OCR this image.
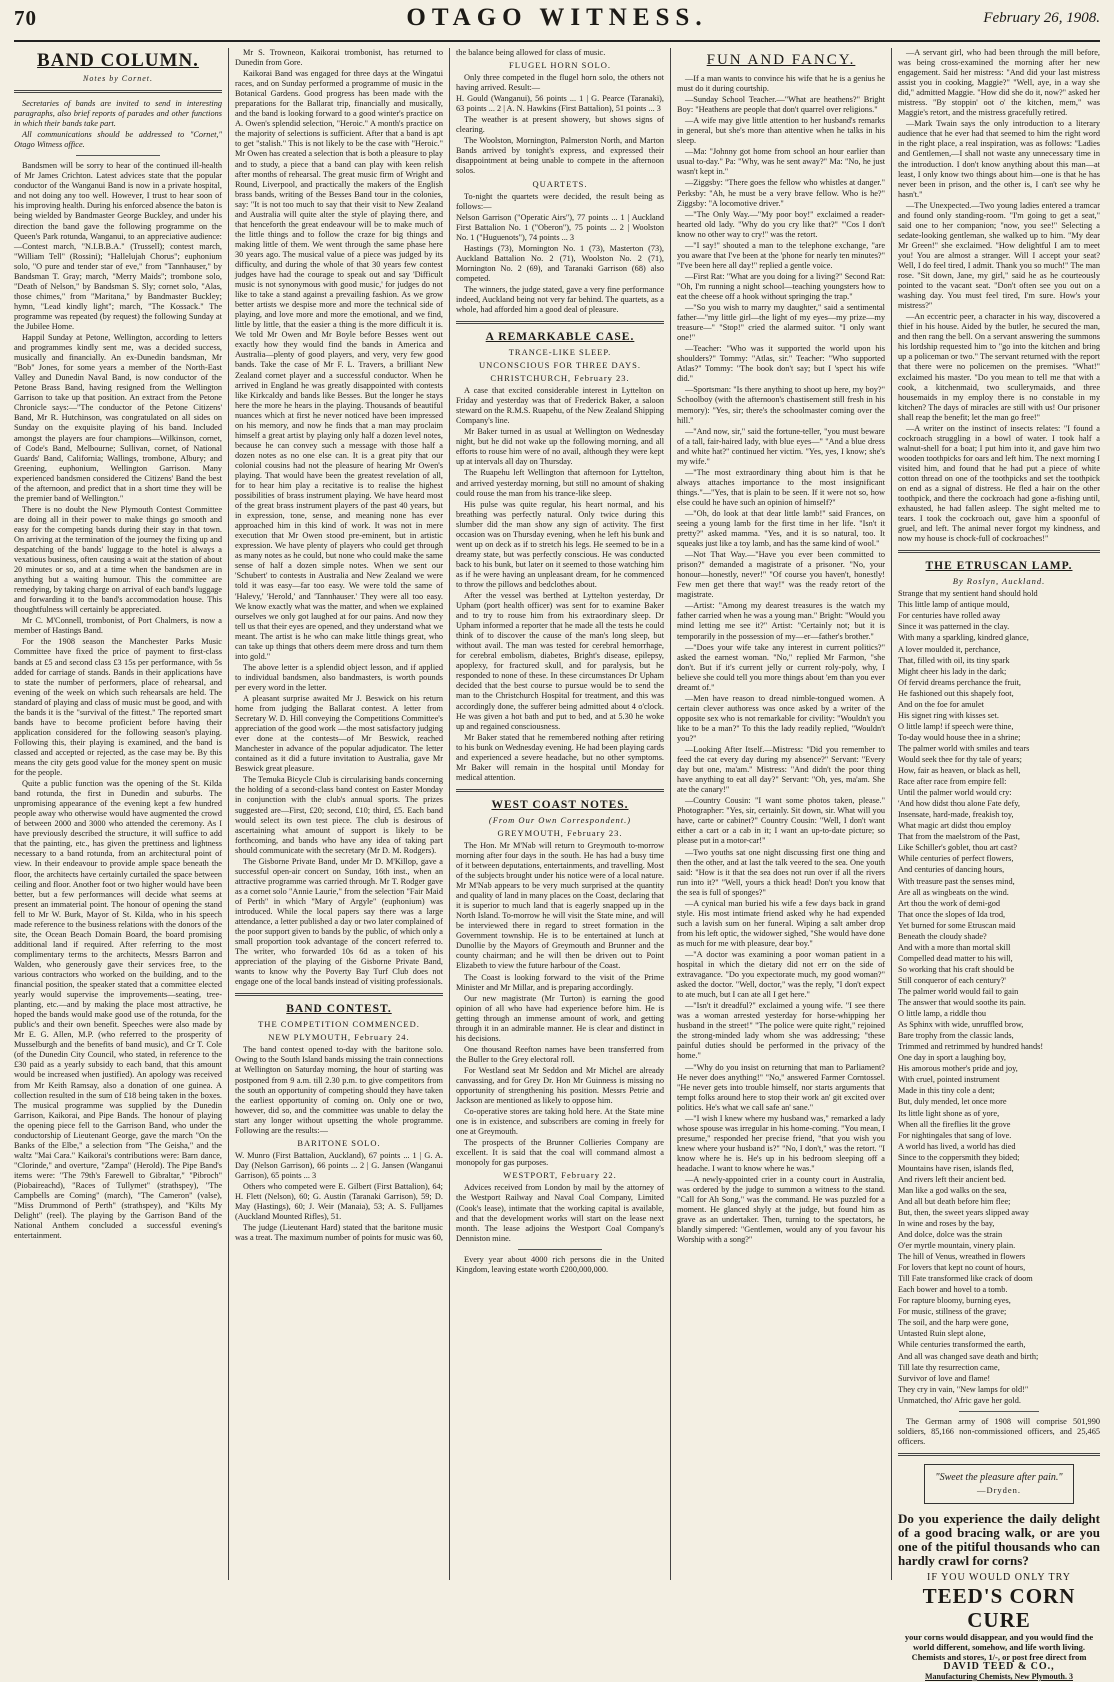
70	OTAGO WITNESS.	February 26, 1908.
BAND COLUMN.
Notes by Cornet.

Secretaries of bands are invited to send in interesting paragraphs, also brief reports of parades and other functions in which their bands take part.

All communications should be addressed to "Cornet," Otago Witness office.

Bandsmen will be sorry to hear of the continued ill-health of Mr James Crichton. Latest advices state that the popular conductor of the Wanganui Band is now in a private hospital, and not doing any too well. However, I trust to hear soon of his improving health. During his enforced absence the baton is being wielded by Bandmaster George Buckley, and under his direction the band gave the following programme on the Queen's Park rotunda, Wanganui, to an appreciative audience:—Contest march, "N.I.B.B.A." (Trussell); contest march, "William Tell" (Rossini); "Hallelujah Chorus"; euphonium solo, "O pure and tender star of eve," from "Tannhauser," by Bandsman T. Gray; march, "Merry Maids"; trombone solo, "Death of Nelson," by Bandsman S. Sly; cornet solo, "Alas, those chimes," from "Maritana," by Bandmaster Buckley; hymn, "Lead kindly light"; march, "The Kossack." The programme was repeated (by request) the following Sunday at the Jubilee Home.

Happil Sunday at Petone, Wellington, according to letters and programmes kindly sent me, was a decided success, musically and financially. An ex-Dunedin bandsman, Mr "Bob" Jones, for some years a member of the North-East Valley and Dunedin Naval Band, is now conductor of the Petone Brass Band, having resigned from the Wellington Garrison to take up that position. An extract from the Petone Chronicle says:—"The conductor of the Petone Citizens' Band, Mr R. Hutchinson, was congratulated on all sides on Sunday on the exquisite playing of his band. Included amongst the players are four champions—Wilkinson, cornet, of Code's Band, Melbourne; Sullivan, cornet, of National Guards' Band, California; Wallings, trombone, Albury; and Greening, euphonium, Wellington Garrison. Many experienced bandsmen considered the Citizens' Band the best of the afternoon, and predict that in a short time they will be the premier band of Wellington."

There is no doubt the New Plymouth Contest Committee are doing all in their power to make things go smooth and easy for the competing bands during their stay in that town. On arriving at the termination of the journey the fixing up and despatching of the bands' luggage to the hotel is always a vexatious business, often causing a wait at the station of about 20 minutes or so, and at a time when the bandsmen are in anything but a waiting humour. This the committee are remedying, by taking charge on arrival of each band's luggage and forwarding it to the band's accommodation house. This thoughtfulness will certainly be appreciated.

Mr C. M'Connell, trombonist, of Port Chalmers, is now a member of Hastings Band.

For the 1908 season the Manchester Parks Music Committee have fixed the price of payment to first-class bands at £5 and second class £3 15s per performance, with 5s added for carriage of stands. Bands in their applications have to state the number of performers, place of rehearsal, and evening of the week on which such rehearsals are held. The standard of playing and class of music must be good, and with the bands it is the "survival of the fittest." The reported smart bands have to become proficient before having their application considered for the following season's playing. Following this, their playing is examined, and the band is classed and accepted or rejected, as the case may be. By this means the city gets good value for the money spent on music for the people.

Quite a public function was the opening of the St. Kilda band rotunda, the first in Dunedin and suburbs. The unpromising appearance of the evening kept a few hundred people away who otherwise would have augmented the crowd of between 2000 and 3000 who attended the ceremony. As I have previously described the structure, it will suffice to add that the painting, etc., has given the prettiness and lightness necessary to a band rotunda, from an architectural point of view. In their endeavour to provide ample space beneath the floor, the architects have certainly curtailed the space between ceiling and floor. Another foot or two higher would have been better, but a few performances will decide what seems at present an immaterial point. The honour of opening the stand fell to Mr W. Burk, Mayor of St. Kilda, who in his speech made reference to the business relations with the donors of the site, the Ocean Beach Domain Board, the board promising additional land if required. After referring to the most complimentary terms to the architects, Messrs Barron and Walden, who generously gave their services free, to the various contractors who worked on the building, and to the financial position, the speaker stated that a committee elected yearly would supervise the improvements—seating, tree-planting, etc.—and by making the place most attractive, he hoped the bands would make good use of the rotunda, for the public's and their own benefit. Speeches were also made by Mr E. G. Allen, M.P. (who referred to the prosperity of Musselburgh and the benefits of band music), and Cr T. Cole (of the Dunedin City Council, who stated, in reference to the £30 paid as a yearly subsidy to each band, that this amount would be increased when justified). An apology was received from Mr Keith Ramsay, also a donation of one guinea. A collection resulted in the sum of £18 being taken in the boxes. The musical programme was supplied by the Dunedin Garrison, Kaikorai, and Pipe Bands. The honour of playing the opening piece fell to the Garrison Band, who under the conductorship of Lieutenant George, gave the march "On the Banks of the Elbe," a selection from "The Geisha," and the waltz "Mai Cara." Kaikorai's contributions were: Barn dance, "Clorinde," and overture, "Zampa" (Herold). The Pipe Band's items were: "The 79th's Farewell to Gibraltar," "Pibroch" (Piobaireachd), "Races of Tullymet" (strathspey), "The Campbells are Coming" (march), "The Cameron" (valse), "Miss Drummond of Perth" (strathspey), and "Kilts My Delight" (reel). The playing by the Garrison Band of the National Anthem concluded a successful evening's entertainment.

Mr S. Trowneon, Kaikorai trombonist, has returned to Dunedin from Gore.

Kaikorai Band was engaged for three days at the Wingatui races, and on Sunday performed a programme of music in the Botanical Gardens. Good progress has been made with the preparations for the Ballarat trip, financially and musically, and the band is looking forward to a good winter's practice on A. Owen's splendid selection, "Heroic." A month's practice on the majority of selections is sufficient. After that a band is apt to get "stalish." This is not likely to be the case with "Heroic." Mr Owen has created a selection that is both a pleasure to play and to study, a piece that a band can play with keen relish after months of rehearsal. The great music firm of Wright and Round, Liverpool, and practically the makers of the English brass bands, writing of the Besses Band tour in the colonies, say: "It is not too much to say that their visit to New Zealand and Australia will quite alter the style of playing there, and that henceforth the great endeavour will be to make much of the little things and to follow the craze for big things and making little of them. We went through the same phase here 30 years ago. The musical value of a piece was judged by its difficulty, and during the whole of that 30 years few contest judges have had the courage to speak out and say 'Difficult music is not synonymous with good music,' for judges do not like to take a stand against a prevailing fashion. As we grow better artists we despise more and more the technical side of playing, and love more and more the emotional, and we find, little by little, that the easier a thing is the more difficult it is. We told Mr Owen and Mr Boyle before Besses went out exactly how they would find the bands in America and Australia—plenty of good players, and very, very few good bands. Take the case of Mr F. L. Travers, a brilliant New Zealand cornet player and a successful conductor. When he arrived in England he was greatly disappointed with contests like Kirkcaldy and bands like Besses. But the longer he stays here the more he hears in the playing. Thousands of beautiful nuances which at first he never noticed have been impressed on his memory, and now he finds that a man may proclaim himself a great artist by playing only half a dozen level notes, because he can convey such a message with those half a dozen notes as no one else can. It is a great pity that our colonial cousins had not the pleasure of hearing Mr Owen's playing. That would have been the greatest revelation of all, for to hear him play a recitative is to realise the highest possibilities of brass instrument playing. We have heard most of the great brass instrument players of the past 40 years, but in expression, tone, sense, and meaning none has ever approached him in this kind of work. It was not in mere execution that Mr Owen stood pre-eminent, but in artistic expression. We have plenty of players who could get through as many notes as he could, but none who could make the same sense of half a dozen simple notes. When we sent our 'Schubert' to contests in Australia and New Zealand we were told it was easy—far too easy. We were told the same of 'Halevy,' 'Herold,' and 'Tannhauser.' They were all too easy. We know exactly what was the matter, and when we explained ourselves we only got laughed at for our pains. And now they tell us that their eyes are opened, and they understand what we meant. The artist is he who can make little things great, who can take up things that others deem mere dross and turn them into gold."

The above letter is a splendid object lesson, and if applied to individual bandsmen, also bandmasters, is worth pounds per every word in the letter.

A pleasant surprise awaited Mr J. Beswick on his return home from judging the Ballarat contest. A letter from Secretary W. D. Hill conveying the Competitions Committee's appreciation of the good work —the most satisfactory judging ever done at the contests—of Mr Beswick, reached Manchester in advance of the popular adjudicator. The letter contained as it did a future invitation to Australia, gave Mr Beswick great pleasure.

The Temuka Bicycle Club is circularising bands concerning the holding of a second-class band contest on Easter Monday in conjunction with the club's annual sports. The prizes suggested are—First, £20; second, £10; third, £5. Each band would select its own test piece. The club is desirous of ascertaining what amount of support is likely to be forthcoming, and bands who have any idea of taking part should communicate with the secretary (Mr D. M. Rodgers).

The Gisborne Private Band, under Mr D. M'Killop, gave a successful open-air concert on Sunday, 16th inst., when an attractive programme was carried through. Mr T. Rodger gave as a cornet solo "Annie Laurie," from the selection "Fair Maid of Perth" in which "Mary of Argyle" (euphonium) was introduced. While the local papers say there was a large attendance, a letter published a day or two later complained of the poor support given to bands by the public, of which only a small proportion took advantage of the concert referred to. The writer, who forwarded 10s 6d as a token of his appreciation of the playing of the Gisborne Private Band, wants to know why the Poverty Bay Turf Club does not engage one of the local bands instead of visiting professionals.

BAND CONTEST.
THE COMPETITION COMMENCED.
NEW PLYMOUTH, February 24.

The band contest opened to-day with the baritone solo. Owing to the South Island bands missing the train connections at Wellington on Saturday morning, the hour of starting was postponed from 9 a.m. till 2.30 p.m. to give competitors from the south an opportunity of competing should they have taken the earliest opportunity of coming on. Only one or two, however, did so, and the committee was unable to delay the start any longer without upsetting the whole programme. Following are the results:—

BARITONE SOLO.

W. Munro (First Battalion, Auckland), 67 points ... 1 | G. A. Day (Nelson Garrison), 66 points ... 2 | G. Jansen (Wanganui Garrison), 65 points ... 3

Others who competed were E. Gilbert (First Battalion), 64; H. Flett (Nelson), 60; G. Austin (Taranaki Garrison), 59; D. May (Hastings), 60; J. Weir (Manaia), 53; A. S. Fulljames (Auckland Mounted Rifles), 51.

The judge (Lieutenant Hard) stated that the baritone music was a treat. The maximum number of points for music was 60,

the balance being allowed for class of music.

FLUGEL HORN SOLO.

Only three competed in the flugel horn solo, the others not having arrived. Result:—

H. Gould (Wanganui), 56 points ... 1 | G. Pearce (Taranaki), 63 points ... 2 | A. N. Hawkins (First Battalion), 51 points ... 3

The weather is at present showery, but shows signs of clearing.

The Woolston, Mornington, Palmerston North, and Marton Bands arrived by tonight's express, and expressed their disappointment at being unable to compete in the afternoon solos.

QUARTETS.

To-night the quartets were decided, the result being as follows:—

Nelson Garrison ("Operatic Airs"), 77 points ... 1 | Auckland First Battalion No. 1 ("Oberon"), 75 points ... 2 | Woolston No. 1 ("Huguenots"), 74 points ... 3

Hastings (73), Mornington No. 1 (73), Masterton (73), Auckland Battalion No. 2 (71), Woolston No. 2 (71), Mornington No. 2 (69), and Taranaki Garrison (68) also competed.

The winners, the judge stated, gave a very fine performance indeed, Auckland being not very far behind. The quartets, as a whole, had afforded him a good deal of pleasure.

A REMARKABLE CASE.
TRANCE-LIKE SLEEP.
UNCONSCIOUS FOR THREE DAYS.
CHRISTCHURCH, February 23.

A case that excited considerable interest in Lyttelton on Friday and yesterday was that of Frederick Baker, a saloon steward on the R.M.S. Ruapehu, of the New Zealand Shipping Company's line.

Mr Baker turned in as usual at Wellington on Wednesday night, but he did not wake up the following morning, and all efforts to rouse him were of no avail, although they were kept up at intervals all day on Thursday.

The Ruapehu left Wellington that afternoon for Lyttelton, and arrived yesterday morning, but still no amount of shaking could rouse the man from his trance-like sleep.

His pulse was quite regular, his heart normal, and his breathing was perfectly natural. Only twice during this slumber did the man show any sign of activity. The first occasion was on Thursday evening, when he left his bunk and went up on deck as if to stretch his legs. He seemed to be in a dreamy state, but was perfectly conscious. He was conducted back to his bunk, but later on it seemed to those watching him as if he were having an unpleasant dream, for he commenced to throw the pillows and bedclothes about.

After the vessel was berthed at Lyttelton yesterday, Dr Upham (port health officer) was sent for to examine Baker and to try to rouse him from his extraordinary sleep. Dr Upham informed a reporter that he made all the tests he could think of to discover the cause of the man's long sleep, but without avail. The man was tested for cerebral hemorrhage, for cerebral embolism, diabetes, Bright's disease, epilepsy, apoplexy, for fractured skull, and for paralysis, but he responded to none of these. In these circumstances Dr Upham decided that the best course to pursue would be to send the man to the Christchurch Hospital for treatment, and this was accordingly done, the sufferer being admitted about 4 o'clock. He was given a hot bath and put to bed, and at 5.30 he woke up and regained consciousness.

Mr Baker stated that he remembered nothing after retiring to his bunk on Wednesday evening. He had been playing cards and experienced a severe headache, but no other symptoms. Mr Baker will remain in the hospital until Monday for medical attention.

WEST COAST NOTES.
(From Our Own Correspondent.)
GREYMOUTH, February 23.

The Hon. Mr M'Nab will return to Greymouth to-morrow morning after four days in the south. He has had a busy time of it between deputations, entertainments, and travelling. Most of the subjects brought under his notice were of a local nature. Mr M'Nab appears to be very much surprised at the quantity and quality of land in many places on the Coast, declaring that it is superior to much land that is eagerly snapped up in the North Island. To-morrow he will visit the State mine, and will be interviewed there in regard to street formation in the Government township. He is to be entertained at lunch at Dunollie by the Mayors of Greymouth and Brunner and the county chairman; and he will then be driven out to Point Elizabeth to view the future harbour of the Coast.

The Coast is looking forward to the visit of the Prime Minister and Mr Millar, and is preparing accordingly.

Our new magistrate (Mr Turton) is earning the good opinion of all who have had experience before him. He is getting through an immense amount of work, and getting through it in an admirable manner. He is clear and distinct in his decisions.

One thousand Reefton names have been transferred from the Buller to the Grey electoral roll.

For Westland seat Mr Seddon and Mr Michel are already canvassing, and for Grey Dr. Hon Mr Guinness is missing no opportunity of strengthening his position. Messrs Petrie and Jackson are mentioned as likely to oppose him.

Co-operative stores are taking hold here. At the State mine one is in existence, and subscribers are coming in freely for one at Greymouth.

The prospects of the Brunner Collieries Company are excellent. It is said that the coal will command almost a monopoly for gas purposes.

WESTPORT, February 22.

Advices received from London by mail by the attorney of the Westport Railway and Naval Coal Company, Limited (Cook's lease), intimate that the working capital is available, and that the development works will start on the lease next month. The lease adjoins the Westport Coal Company's Denniston mine.

Every year about 4000 rich persons die in the United Kingdom, leaving estate worth £200,000,000.

FUN AND FANCY.

—If a man wants to convince his wife that he is a genius he must do it during courtship.

—Sunday School Teacher.—"What are heathens?" Bright Boy: "Heathens are people that don't quarrel over religions."

—A wife may give little attention to her husband's remarks in general, but she's more than attentive when he talks in his sleep.

—Ma: "Johnny got home from school an hour earlier than usual to-day." Pa: "Why, was he sent away?" Ma: "No, he just wasn't kept in."

—Ziggsby: "There goes the fellow who whistles at danger." Perksby: "Ah, he must be a very brave fellow. Who is he?" Ziggsby: "A locomotive driver."

—"The Only Way.—"My poor boy!" exclaimed a reader-hearted old lady. "Why do you cry like that?" "'Cos I don't know no other way to cry!" was the retort.

—"I say!" shouted a man to the telephone exchange, "are you aware that I've been at the 'phone for nearly ten minutes?" "I've been here all day!" replied a gentle voice.

—First Rat: "What are you doing for a living?" Second Rat: "Oh, I'm running a night school—teaching youngsters how to eat the cheese off a hook without springing the trap."

—"So you wish to marry my daughter," said a sentimental father—"my little girl—the light of my eyes—my prize—my treasure—" "Stop!" cried the alarmed suitor. "I only want one!"

—Teacher: "Who was it supported the world upon his shoulders?" Tommy: "Atlas, sir." Teacher: "Who supported Atlas?" Tommy: "The book don't say; but I 'spect his wife did."

—Sportsman: "Is there anything to shoot up here, my boy?" Schoolboy (with the afternoon's chastisement still fresh in his memory): "Yes, sir; there's the schoolmaster coming over the hill."

—"And now, sir," said the fortune-teller, "you must beware of a tall, fair-haired lady, with blue eyes—" "And a blue dress and white hat?" continued her victim. "Yes, yes, I know; she's my wife."

—"The most extraordinary thing about him is that he always attaches importance to the most insignificant things."—"Yes, that is plain to be seen. If it were not so, how else could he have such an opinion of himself?"

—"Oh, do look at that dear little lamb!" said Frances, on seeing a young lamb for the first time in her life. "Isn't it pretty?" asked mamma. "Yes, and it is so natural, too. It squeaks just like a toy lamb, and has the same kind of wool."

—Not That Way.—"Have you ever been committed to prison?" demanded a magistrate of a prisoner. "No, your honour—honestly, never!" "Of course you haven't, honestly! Few men get there that way!" was the ready retort of the magistrate.

—Artist: "Among my dearest treasures is the watch my father carried when he was a young man." Bright: "Would you mind letting me see it?" Artist: "Certainly not; but it is temporarily in the possession of my—er—father's brother."

—"Does your wife take any interest in current politics?" asked the earnest woman. "No," replied Mr Farmon, "she don't. But if it's current jelly or current roly-poly, why, I believe she could tell you more things about 'em than you ever dreamt of."

—Men have reason to dread nimble-tongued women. A certain clever authoress was once asked by a writer of the opposite sex who is not remarkable for civility: "Wouldn't you like to be a man?" To this the lady readily replied, "Wouldn't you?"

—Looking After Itself.—Mistress: "Did you remember to feed the cat every day during my absence?" Servant: "Every day but one, ma'am." Mistress: "And didn't the poor thing have anything to eat all day?" Servant: "Oh, yes, ma'am. She ate the canary!"

—Country Cousin: "I want some photos taken, please." Photographer: "Yes, sir, certainly. Sit down, sir. What will you have, carte or cabinet?" Country Cousin: "Well, I don't want either a cart or a cab in it; I want an up-to-date picture; so please put in a motor-car!"

—Two youths sat one night discussing first one thing and then the other, and at last the talk veered to the sea. One youth said: "How is it that the sea does not run over if all the rivers run into it?" "Well, yours a thick head! Don't you know that the sea is full of sponges?"

—A cynical man buried his wife a few days back in grand style. His most intimate friend asked why he had expended such a lavish sum on her funeral. Wiping a salt amber drop from his left optic, the widower sighed, "She would have done as much for me with pleasure, dear boy."

—"A doctor was examining a poor woman patient in a hospital in which the dietary did not err on the side of extravagance. "Do you expectorate much, my good woman?" asked the doctor. "Well, doctor," was the reply, "I don't expect to ate much, but I can ate all I get here."

—"Isn't it dreadful?" exclaimed a young wife. "I see there was a woman arrested yesterday for horse-whipping her husband in the street!" "The police were quite right," rejoined the strong-minded lady whom she was addressing; "these painful duties should be performed in the privacy of the home."

—"Why do you insist on returning that man to Parliament? He never does anything!" "No," answered Farmer Corntossel. "He never gets into trouble himself, nor starts arguments that tempt folks around here to stop their work an' git excited over politics. He's what we call safe an' sane."

—"I wish I knew where my husband was," remarked a lady whose spouse was irregular in his home-coming. "You mean, I presume," responded her precise friend, "that you wish you knew where your husband is?" "No, I don't," was the retort. "I know where he is. He's up in his bedroom sleeping off a headache. I want to know where he was."

—A newly-appointed crier in a county court in Australia, was ordered by the judge to summon a witness to the stand. "Call for Ah Song," was the command. He was puzzled for a moment. He glanced shyly at the judge, but found him as grave as an undertaker. Then, turning to the spectators, he blandly simpered: "Gentlemen, would any of you favour his Worship with a song?"

—A servant girl, who had been through the mill before, was being cross-examined the morning after her new engagement. Said her mistress: "And did your last mistress assist you in cooking, Maggie?" "Well, aye, in a way she did," admitted Maggie. "How did she do it, now?" asked her mistress. "By stoppin' oot o' the kitchen, mem," was Maggie's retort, and the mistress gracefully retired.

—Mark Twain says the only introduction to a literary audience that he ever had that seemed to him the right word in the right place, a real inspiration, was as follows: "Ladies and Gentlemen,—I shall not waste any unnecessary time in the introduction. I don't know anything about this man—at least, I only know two things about him—one is that he has never been in prison, and the other is, I can't see why he hasn't."

—The Unexpected.—Two young ladies entered a tramcar and found only standing-room. "I'm going to get a seat," said one to her companion; "now, you see!" Selecting a sedate-looking gentleman, she walked up to him. "My dear Mr Green!" she exclaimed. "How delightful I am to meet you! You are almost a stranger. Will I accept your seat? Well, I do feel tired, I admit. Thank you so much!" The man rose. "Sit down, Jane, my girl," said he as he courteously pointed to the vacant seat. "Don't often see you out on a washing day. You must feel tired, I'm sure. How's your mistress?"

—An eccentric peer, a character in his way, discovered a thief in his house. Aided by the butler, he secured the man, and then rang the bell. On a servant answering the summons his lordship requested him to "go into the kitchen and bring up a policeman or two." The servant returned with the report that there were no policemen on the premises. "What!" exclaimed his master. "Do you mean to tell me that with a cook, a kitchenmaid, two scullerymaids, and three housemaids in my employ there is no constable in my kitchen? The days of miracles are still with us! Our prisoner shall reap the benefit; let the man go free!"

—A writer on the instinct of insects relates: "I found a cockroach struggling in a bowl of water. I took half a walnut-shell for a boat; I put him into it, and gave him two wooden toothpicks for oars and left him. The next morning I visited him, and found that he had put a piece of white cotton thread on one of the toothpicks and set the toothpick on end as a signal of distress. He fled a hair on the other toothpick, and there the cockroach had gone a-fishing until, exhausted, he had fallen asleep. The sight melted me to tears. I took the cockroach out, gave him a spoonful of gruel, and left. The animal never forgot my kindness, and now my house is chock-full of cockroaches!"

THE ETRUSCAN LAMP.
By Roslyn, Auckland.

Strange that my sentient hand should hold

This little lamp of antique mould,

For centuries have rolled away

Since it was patterned in the clay.

With many a sparkling, kindred glance,

A lover moulded it, perchance,

That, filled with oil, its tiny spark

Might cheer his lady in the dark;

Of fervid dreams perchance the fruit,

He fashioned out this shapely foot,

And on the foe for amulet

His signet ring with kisses set.

O little lamp! if speech were thine,

To-day would house thee in a shrine;

The palmer world with smiles and tears

Would seek thee for thy tale of years;

How, fair as heaven, or black as hell,

Race after race from empire fell:

Until the palmer world would cry:

'And how didst thou alone Fate defy,

Insensate, hard-made, freakish toy,

What magic art didst thou employ

That from the maelstrom of the Past,

Like Schiller's goblet, thou art cast?

While centuries of perfect flowers,

And centuries of dancing hours,

With treasure past the senses mind,

Are all as wingbeats on the wind.

Art thou the work of demi-god

That once the slopes of Ida trod,

Yet burned for some Etruscan maid

Beneath the cloudy shade?

And with a more than mortal skill

Compelled dead matter to his will,

So working that his craft should be

Still conqueror of each century?'

The palmer world would fail to gain

The answer that would soothe its pain.

O little lamp, a riddle thou

As Sphinx with wide, unruffled brow,

Bare trophy from the classic lands,

Trimmed and retrimmed by hundred hands!

One day in sport a laughing boy,

His amorous mother's pride and joy,

With cruel, pointed instrument

Made in this tiny cole a dent;

But, duly mended, let once more

Its little light shone as of yore,

When all the fireflies lit the grove

For nightingales that sang of love.

A world has lived, a world has died

Since to the coppersmith they bided;

Mountains have risen, islands fled,

And rivers left their ancient bed.

Man like a god walks on the sea,

And all but death before him flee;

But, then, the sweet years slipped away

In wine and roses by the bay,

And dolce, dolce was the strain

O'er myrtle mountain, vinery plain.

The hill of Venus, wreathed in flowers

For lovers that kept no count of hours,

Till Fate transformed like crack of doom

Each bower and hovel to a tomb.

For rapture bloomy, burning eyes,

For music, stillness of the grave;

The soil, and the harp were gone,

Untasted Ruin slept alone,

While centuries transformed the earth,

And all was changed save death and birth;

Till late thy resurrection came,

Survivor of love and flame!

They cry in vain, "New lamps for old!"

Unmatched, tho' Afric gave her gold.

The German army of 1908 will comprise 501,990 soldiers, 85,166 non-commissioned officers, and 25,465 officers.

"Sweet the pleasure after pain."
—Dryden.

Do you experience the daily delight of a good bracing walk, or are you one of the pitiful thousands who can hardly crawl for corns?

IF YOU WOULD ONLY TRY
TEED'S CORN CURE
your corns would disappear, and you would find the world different, somehow, and life worth living.
Chemists and stores, 1/-, or post free direct from
DAVID TEED & CO.,
Manufacturing Chemists, New Plymouth. 3
